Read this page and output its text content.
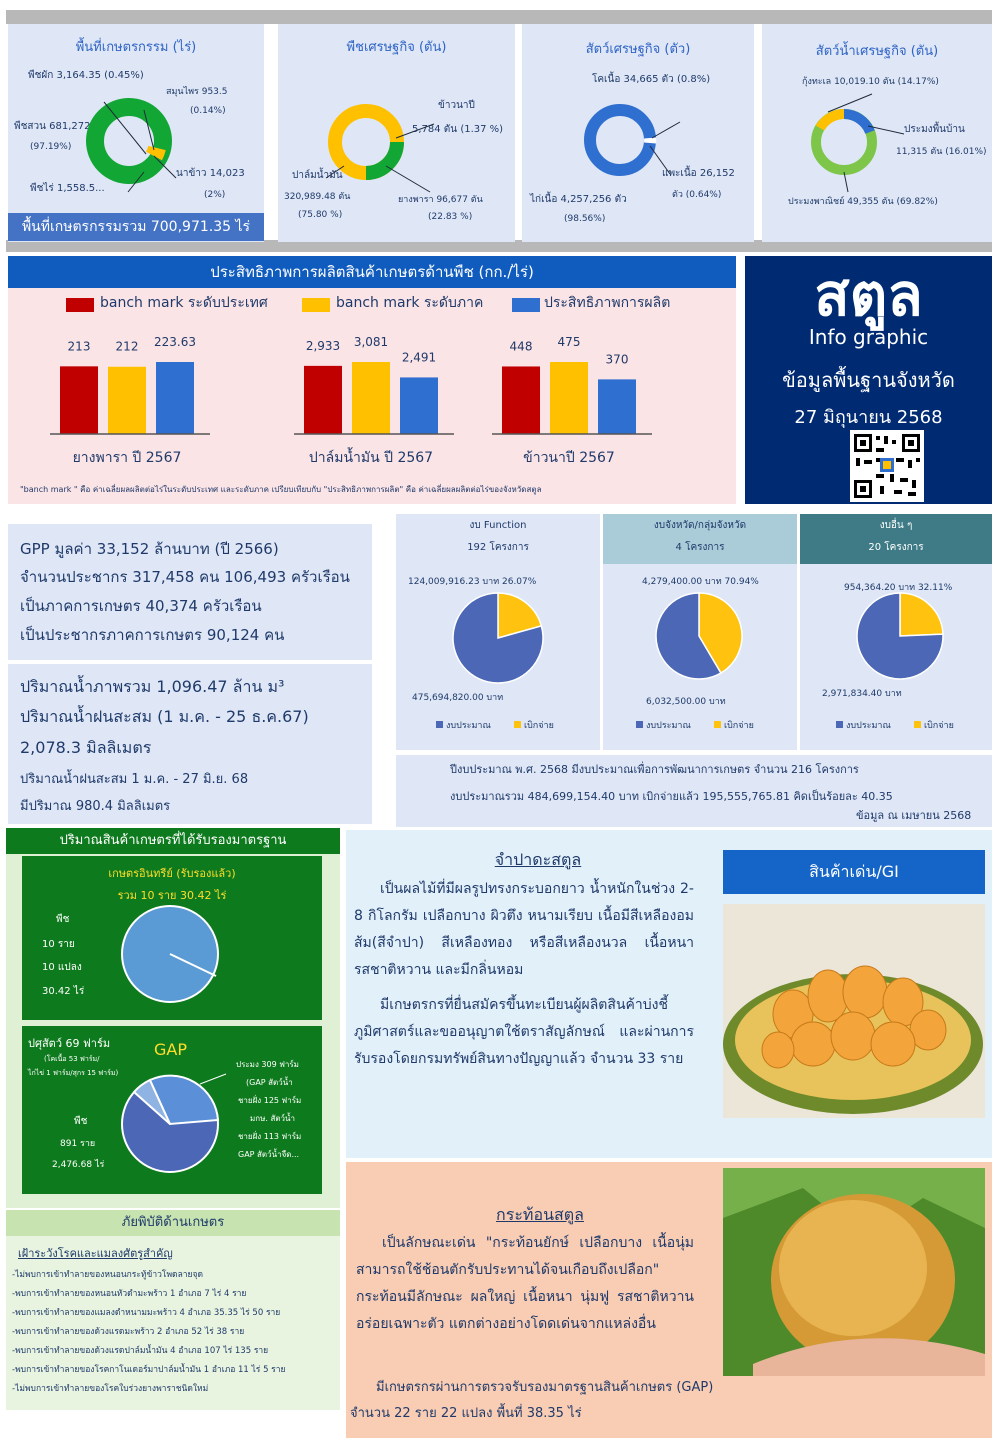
พื้นที่เกษตรกรรม (ไร่)
พืชผัก 3,164.35 (0.45%)
สมุนไพร 953.5
(0.14%)
พืชสวน 681,272
(97.19%)
นาข้าว 14,023
(2%)
พืชไร่ 1,558.5...
พื้นที่เกษตรกรรมรวม 700,971.35 ไร่
พืชเศรษฐกิจ (ตัน)
ข้าวนาปี
5,784 ตัน (1.37 %)
ปาล์มน้ำมัน
320,989.48 ตัน
(75.80 %)
ยางพารา 96,677 ตัน
(22.83 %)
สัตว์เศรษฐกิจ (ตัว)
โคเนื้อ 34,665 ตัว (0.8%)
แพะเนื้อ 26,152
ตัว (0.64%)
ไก่เนื้อ 4,257,256 ตัว
(98.56%)
สัตว์น้ำเศรษฐกิจ (ตัน)
กุ้งทะเล 10,019.10 ตัน (14.17%)
ประมงพื้นบ้าน
11,315 ตัน (16.01%)
ประมงพาณิชย์ 49,355 ตัน (69.82%)
ประสิทธิภาพการผลิตสินค้าเกษตรด้านพืช (กก./ไร่)
banch mark ระดับประเทศ	banch mark ระดับภาค	ประสิทธิภาพการผลิต
213 212 223.63
ยางพารา ปี 2567
2,933 3,081
2,491
ปาล์มน้ำมัน ปี 2567
448 475
370
ข้าวนาปี 2567
"banch mark " คือ ค่าเฉลี่ยผลผลิตต่อไร่ในระดับประเทศ และระดับภาค เปรียบเทียบกับ "ประสิทธิภาพการผลิต" คือ ค่าเฉลี่ยผลผลิตต่อไร่ของจังหวัดสตูล
สตูล
Info graphic
ข้อมูลพื้นฐานจังหวัด
27 มิถุนายน 2568
GPP มูลค่า 33,152 ล้านบาท (ปี 2566)
จำนวนประชากร 317,458 คน 106,493 ครัวเรือน
เป็นภาคการเกษตร 40,374 ครัวเรือน
เป็นประชากรภาคการเกษตร 90,124 คน
ปริมาณน้ำภาพรวม 1,096.47 ล้าน ม³
ปริมาณน้ำฝนสะสม (1 ม.ค. - 25 ธ.ค.67)
2,078.3 มิลลิเมตร
ปริมาณน้ำฝนสะสม 1 ม.ค. - 27 มิ.ย. 68
มีปริมาณ 980.4 มิลลิเมตร
งบ Function
192 โครงการ
งบจังหวัด/กลุ่มจังหวัด
4 โครงการ
งบอื่น ๆ
20 โครงการ
124,009,916.23 บาท 26.07%
475,694,820.00 บาท
4,279,400.00 บาท 70.94%
6,032,500.00 บาท
954,364.20 บาท 32.11%
2,971,834.40 บาท
งบประมาณ	เบิกจ่าย	งบประมาณ	เบิกจ่าย	งบประมาณ	เบิกจ่าย
ปีงบประมาณ พ.ศ. 2568 มีงบประมาณเพื่อการพัฒนาการเกษตร จำนวน 216 โครงการ
งบประมาณรวม 484,699,154.40 บาท เบิกจ่ายแล้ว 195,555,765.81 คิดเป็นร้อยละ 40.35
ข้อมูล ณ เมษายน 2568
ปริมาณสินค้าเกษตรที่ได้รับรองมาตรฐาน
เกษตรอินทรีย์ (รับรองแล้ว)
รวม 10 ราย 30.42 ไร่
พืช
10 ราย
10 แปลง
30.42 ไร่
ปศุสัตว์ 69 ฟาร์ม	GAP
(โคเนื้อ 53 ฟาร์ม/
ไก่ไข่ 1 ฟาร์ม/สุกร 15 ฟาร์ม)
พืช
891 ราย
2,476.68 ไร่
ประมง 309 ฟาร์ม
(GAP สัตว์น้ำ
ชายฝั่ง 125 ฟาร์ม
มกษ. สัตว์น้ำ
ชายฝั่ง 113 ฟาร์ม
GAP สัตว์น้ำจืด...
ภัยพิบัติด้านเกษตร
เฝ้าระวังโรคและแมลงศัตรูสำคัญ
-ไม่พบการเข้าทำลายของหนอนกระทู้ข้าวโพดลายจุด
-พบการเข้าทำลายของหนอนหัวดำมะพร้าว 1 อำเภอ 7 ไร่ 4 ราย
-พบการเข้าทำลายของแมลงดำหนามมะพร้าว 4 อำเภอ 35.35 ไร่ 50 ราย
-พบการเข้าทำลายของด้วงแรดมะพร้าว 2 อำเภอ 52 ไร่ 38 ราย
-พบการเข้าทำลายของด้วงแรดปาล์มน้ำมัน 4 อำเภอ 107 ไร่ 135 ราย
-พบการเข้าทำลายของโรคกาโนเดอร์มาปาล์มน้ำมัน 1 อำเภอ 11 ไร่ 5 ราย
-ไม่พบการเข้าทำลายของโรคใบร่วงยางพาราชนิดใหม่
จำปาดะสตูล
เป็นผลไม้ที่มีผลรูปทรงกระบอกยาว น้ำหนักในช่วง 2-8 กิโลกรัม เปลือกบาง ผิวตึง หนามเรียบ เนื้อมีสีเหลืองอมส้ม(สีจำปา) สีเหลืองทอง หรือสีเหลืองนวล เนื้อหนา รสชาติหวาน และมีกลิ่นหอม
มีเกษตรกรที่ยื่นสมัครขึ้นทะเบียนผู้ผลิตสินค้าบ่งชี้ภูมิศาสตร์และขออนุญาตใช้ตราสัญลักษณ์ และผ่านการรับรองโดยกรมทรัพย์สินทางปัญญาแล้ว จำนวน 33 ราย
สินค้าเด่น/GI
กระท้อนสตูล
เป็นลักษณะเด่น "กระท้อนยักษ์ เปลือกบาง เนื้อนุ่ม สามารถใช้ช้อนตักรับประทานได้จนเกือบถึงเปลือก" กระท้อนมีลักษณะ ผลใหญ่ เนื้อหนา นุ่มฟู รสชาติหวานอร่อยเฉพาะตัว แตกต่างอย่างโดดเด่นจากแหล่งอื่น
มีเกษตรกรผ่านการตรวจรับรองมาตรฐานสินค้าเกษตร (GAP)
จำนวน 22 ราย 22 แปลง พื้นที่ 38.35 ไร่
